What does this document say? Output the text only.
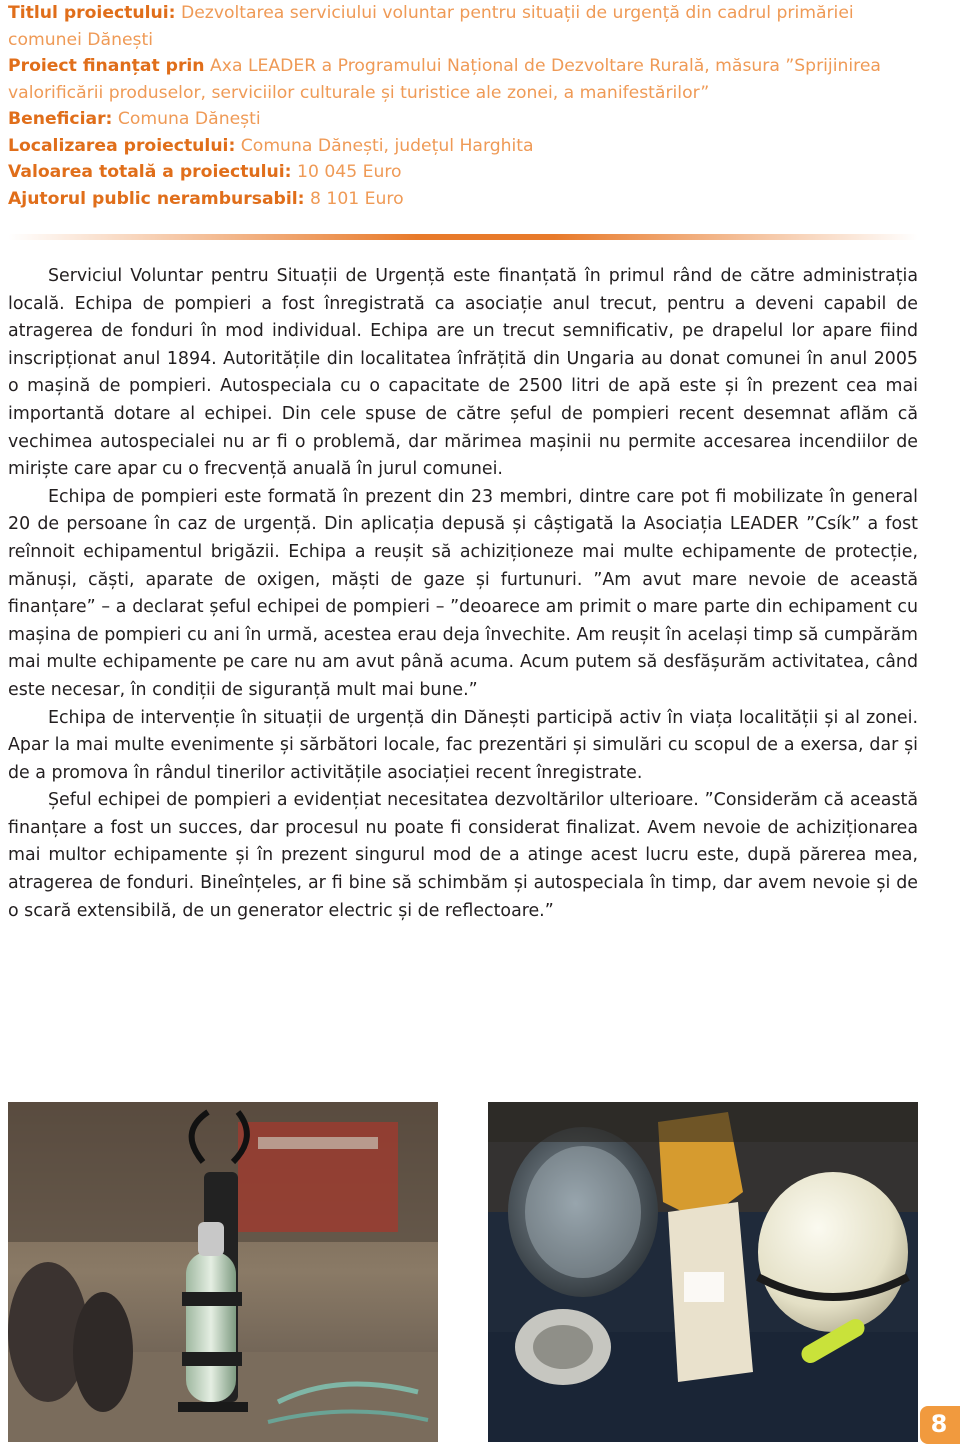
Titlul proiectului: Dezvoltarea serviciului voluntar pentru situații de urgență din cadrul primăriei comunei Dănești

Proiect finanțat prin Axa LEADER a Programului Național de Dezvoltare Rurală, măsura ”Sprijinirea valorificării produselor, serviciilor culturale și turistice ale zonei, a manifestărilor”

Beneficiar: Comuna Dănești

Localizarea proiectului: Comuna Dănești, județul Harghita

Valoarea totală a proiectului: 10 045 Euro

Ajutorul public nerambursabil: 8 101 Euro

Serviciul Voluntar pentru Situații de Urgență este finanțată în primul rând de către administrația locală. Echipa de pompieri a fost înregistrată ca asociație anul trecut, pentru a deveni capabil de atragerea de fonduri în mod individual. Echipa are un trecut semnificativ, pe drapelul lor apare fiind inscripționat anul 1894. Autoritățile din localitatea înfrățită din Ungaria au donat comunei în anul 2005 o mașină de pompieri. Autospeciala cu o capacitate de 2500 litri de apă este și în prezent cea mai importantă dotare al echipei. Din cele spuse de către șeful de pompieri recent desemnat aflăm că vechimea autospecialei nu ar fi o problemă, dar mărimea mașinii nu permite accesarea incendiilor de miriște care apar cu o frecvență anuală în jurul comunei.

Echipa de pompieri este formată în prezent din 23 membri, dintre care pot fi mobilizate în general 20 de persoane în caz de urgență. Din aplicația depusă și câștigată la Asociația LEADER ”Csík” a fost reînnoit echipamentul brigăzii. Echipa a reușit să achiziționeze mai multe echipamente de protecție, mănuși, căști, aparate de oxigen, măști de gaze și furtunuri. ”Am avut mare nevoie de această finanțare” – a declarat șeful echipei de pompieri – ”deoarece am primit o mare parte din echipament cu mașina de pompieri cu ani în urmă, acestea erau deja învechite. Am reușit în același timp să cumpărăm mai multe echipamente pe care nu am avut până acuma. Acum putem să desfășurăm activitatea, când este necesar, în condiții de siguranță mult mai bune.”

Echipa de intervenție în situații de urgență din Dănești participă activ în viața localității și al zonei. Apar la mai multe evenimente și sărbători locale, fac prezentări și simulări cu scopul de a exersa, dar și de a promova în rândul tinerilor activitățile asociației recent înregistrate.

Șeful echipei de pompieri a evidențiat necesitatea dezvoltărilor ulterioare. ”Considerăm că această finanțare a fost un succes, dar procesul nu poate fi considerat finalizat. Avem nevoie de achiziționarea mai multor echipamente și în prezent singurul mod de a atinge acest lucru este, după părerea mea, atragerea de fonduri. Bineînțeles, ar fi bine să schimbăm și autospeciala în timp, dar avem nevoie și de o scară extensibilă, de un generator electric și de reflectoare.”

8
